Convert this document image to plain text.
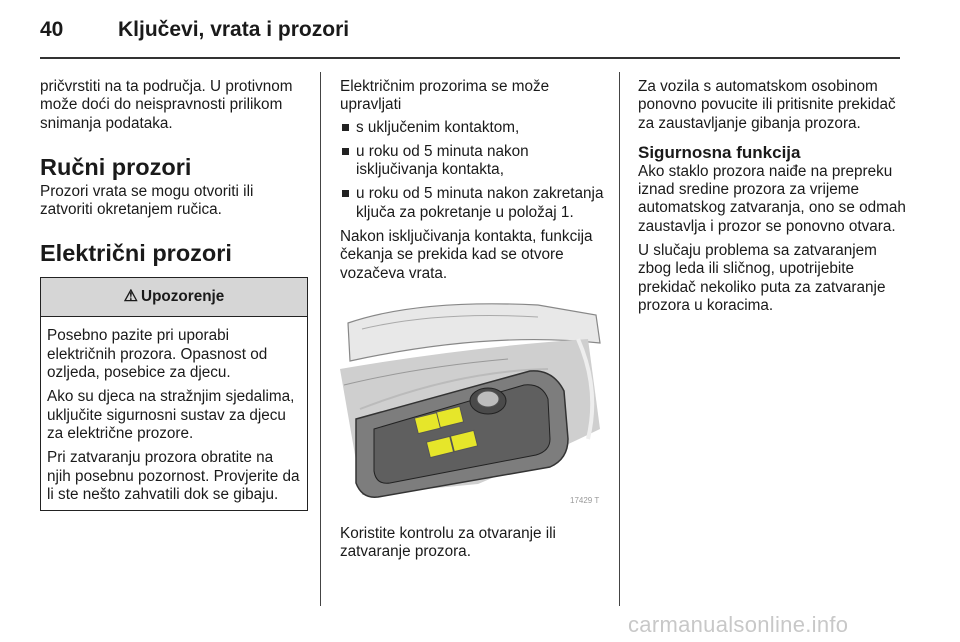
40	Ključevi, vrata i prozori

pričvrstiti na ta područja. U protivnom može doći do neispravnosti prilikom snimanja podataka.

Ručni prozori

Prozori vrata se mogu otvoriti ili zatvoriti okretanjem ručica.

Električni prozori
⚠ Upozorenje

Posebno pazite pri uporabi električnih prozora. Opasnost od ozljeda, posebice za djecu.

Ako su djeca na stražnjim sjedalima, uključite sigurnosni sustav za djecu za električne prozore.

Pri zatvaranju prozora obratite na njih posebnu pozornost. Provjerite da li ste nešto zahvatili dok se gibaju.

Električnim prozorima se može upravljati

s uključenim kontaktom,
u roku od 5 minuta nakon isključivanja kontakta,
u roku od 5 minuta nakon zakretanja ključa za pokretanje u položaj 1.

Nakon isključivanja kontakta, funkcija čekanja se prekida kad se otvore vozačeva vrata.

17429 T

Koristite kontrolu za otvaranje ili zatvaranje prozora.

Za vozila s automatskom osobinom ponovno povucite ili pritisnite prekidač za zaustavljanje gibanja prozora.

Sigurnosna funkcija

Ako staklo prozora naiđe na prepreku iznad sredine prozora za vrijeme automatskog zatvaranja, ono se odmah zaustavlja i prozor se ponovno otvara.

U slučaju problema sa zatvaranjem zbog leda ili sličnog, upotrijebite prekidač nekoliko puta za zatvaranje prozora u koracima.

carmanualsonline.info
